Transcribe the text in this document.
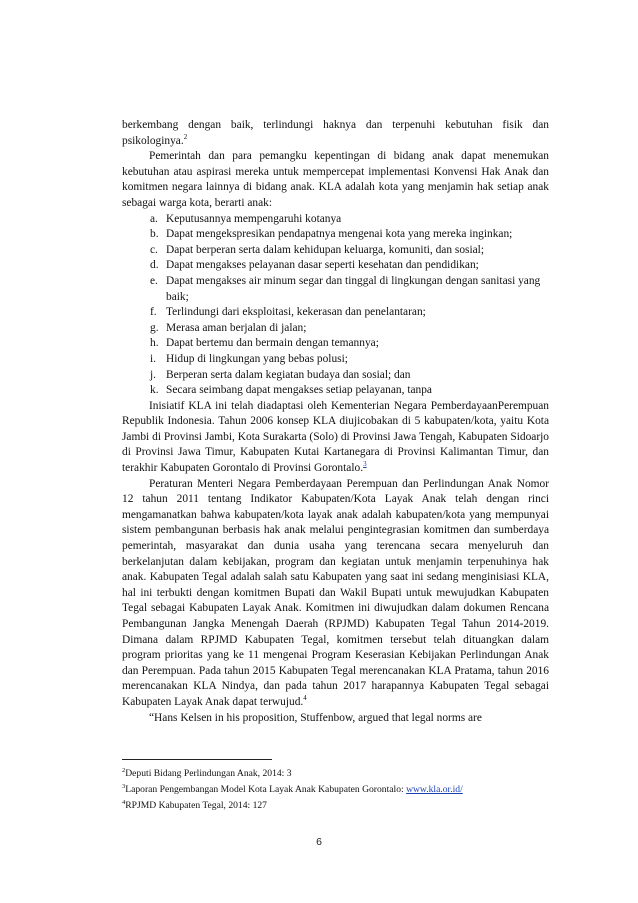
berkembang dengan baik, terlindungi haknya dan terpenuhi kebutuhan fisik dan psikologinya.$^2$

Pemerintah dan para pemangku kepentingan di bidang anak dapat menemukan kebutuhan atau aspirasi mereka untuk mempercepat implementasi Konvensi Hak Anak dan komitmen negara lainnya di bidang anak. KLA adalah kota yang menjamin hak setiap anak sebagai warga kota, berarti anak:

a. Keputusannya mempengaruhi kotanya
b. Dapat mengekspresikan pendapatnya mengenai kota yang mereka inginkan;
c. Dapat berperan serta dalam kehidupan keluarga, komuniti, dan sosial;
d. Dapat mengakses pelayanan dasar seperti kesehatan dan pendidikan;
e. Dapat mengakses air minum segar dan tinggal di lingkungan dengan sanitasi yang baik;
f. Terlindungi dari eksploitasi, kekerasan dan penelantaran;
g. Merasa aman berjalan di jalan;
h. Dapat bertemu dan bermain dengan temannya;
i. Hidup di lingkungan yang bebas polusi;
j. Berperan serta dalam kegiatan budaya dan sosial; dan
k. Secara seimbang dapat mengakses setiap pelayanan, tanpa

Inisiatif KLA ini telah diadaptasi oleh Kementerian Negara PemberdayaanPerempuan Republik Indonesia. Tahun 2006 konsep KLA diujicobakan di 5 kabupaten/kota, yaitu Kota Jambi di Provinsi Jambi, Kota Surakarta (Solo) di Provinsi Jawa Tengah, Kabupaten Sidoarjo di Provinsi Jawa Timur, Kabupaten Kutai Kartanegara di Provinsi Kalimantan Timur, dan terakhir Kabupaten Gorontalo di Provinsi Gorontalo.$^3$

Peraturan Menteri Negara Pemberdayaan Perempuan dan Perlindungan Anak Nomor 12 tahun 2011 tentang Indikator Kabupaten/Kota Layak Anak telah dengan rinci mengamanatkan bahwa kabupaten/kota layak anak adalah kabupaten/kota yang mempunyai sistem pembangunan berbasis hak anak melalui pengintegrasian komitmen dan sumberdaya pemerintah, masyarakat dan dunia usaha yang terencana secara menyeluruh dan berkelanjutan dalam kebijakan, program dan kegiatan untuk menjamin terpenuhinya hak anak. Kabupaten Tegal adalah salah satu Kabupaten yang saat ini sedang menginisiasi KLA, hal ini terbukti dengan komitmen Bupati dan Wakil Bupati untuk mewujudkan Kabupaten Tegal sebagai Kabupaten Layak Anak. Komitmen ini diwujudkan dalam dokumen Rencana Pembangunan Jangka Menengah Daerah (RPJMD) Kabupaten Tegal Tahun 2014-2019. Dimana dalam RPJMD Kabupaten Tegal, komitmen tersebut telah dituangkan dalam program prioritas yang ke 11 mengenai Program Keserasian Kebijakan Perlindungan Anak dan Perempuan. Pada tahun 2015 Kabupaten Tegal merencanakan KLA Pratama, tahun 2016 merencanakan KLA Nindya, dan pada tahun 2017 harapannya Kabupaten Tegal sebagai Kabupaten Layak Anak dapat terwujud.$^4$

“Hans Kelsen in his proposition, Stuffenbow, argued that legal norms are

$^2$Deputi Bidang Perlindungan Anak, 2014: 3
$^3$Laporan Pengembangan Model Kota Layak Anak Kabupaten Gorontalo: www.kla.or.id/
$^4$RPJMD Kabupaten Tegal, 2014: 127
6
